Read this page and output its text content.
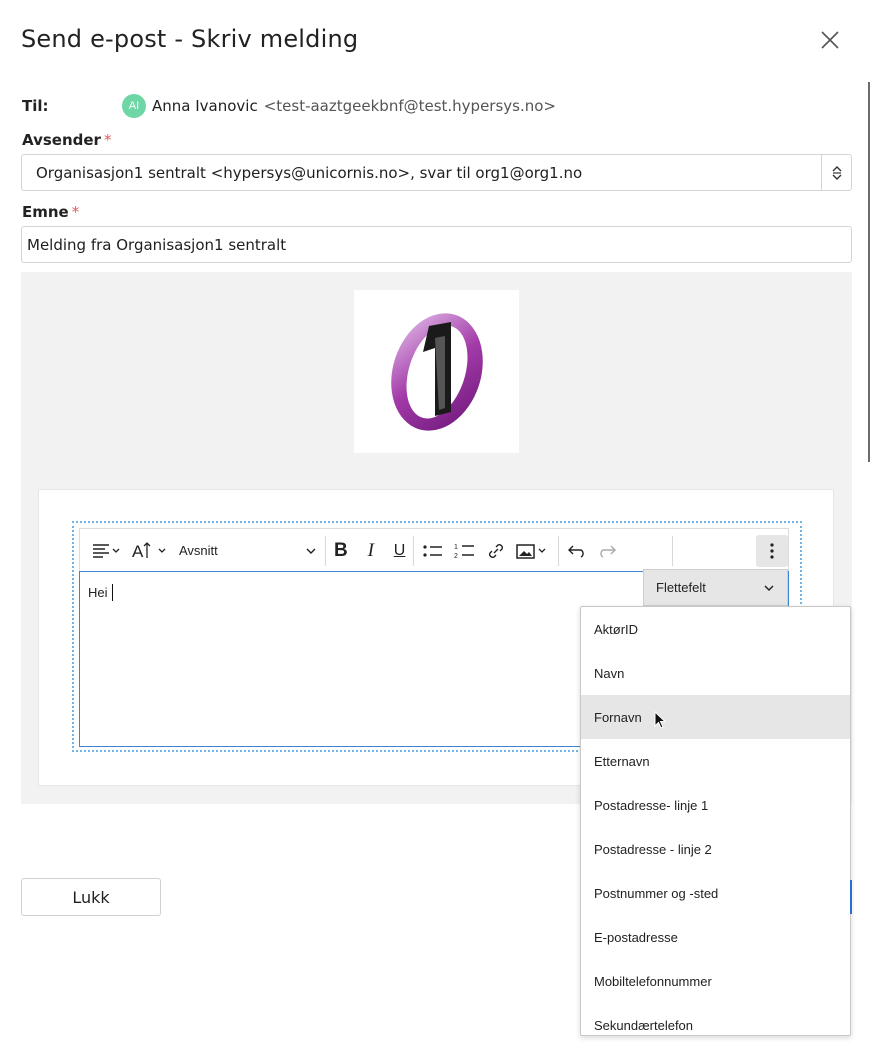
Send e-post - Skriv melding
Til:	AI Anna Ivanovic <test-aaztgeekbnf@test.hypersys.no>
Avsender *
Organisasjon1 sentralt <hypersys@unicornis.no>, svar til org1@org1.no
Emne *
Melding fra Organisasjon1 sentralt
A	Avsnitt	B I U	1
2
Hei	Flettefelt
AktørID
Navn
Fornavn
Etternavn
Postadresse- linje 1
Postadresse - linje 2
Postnummer og -sted
E-postadresse
Mobiltelefonnummer
Sekundærtelefon
Lukk
